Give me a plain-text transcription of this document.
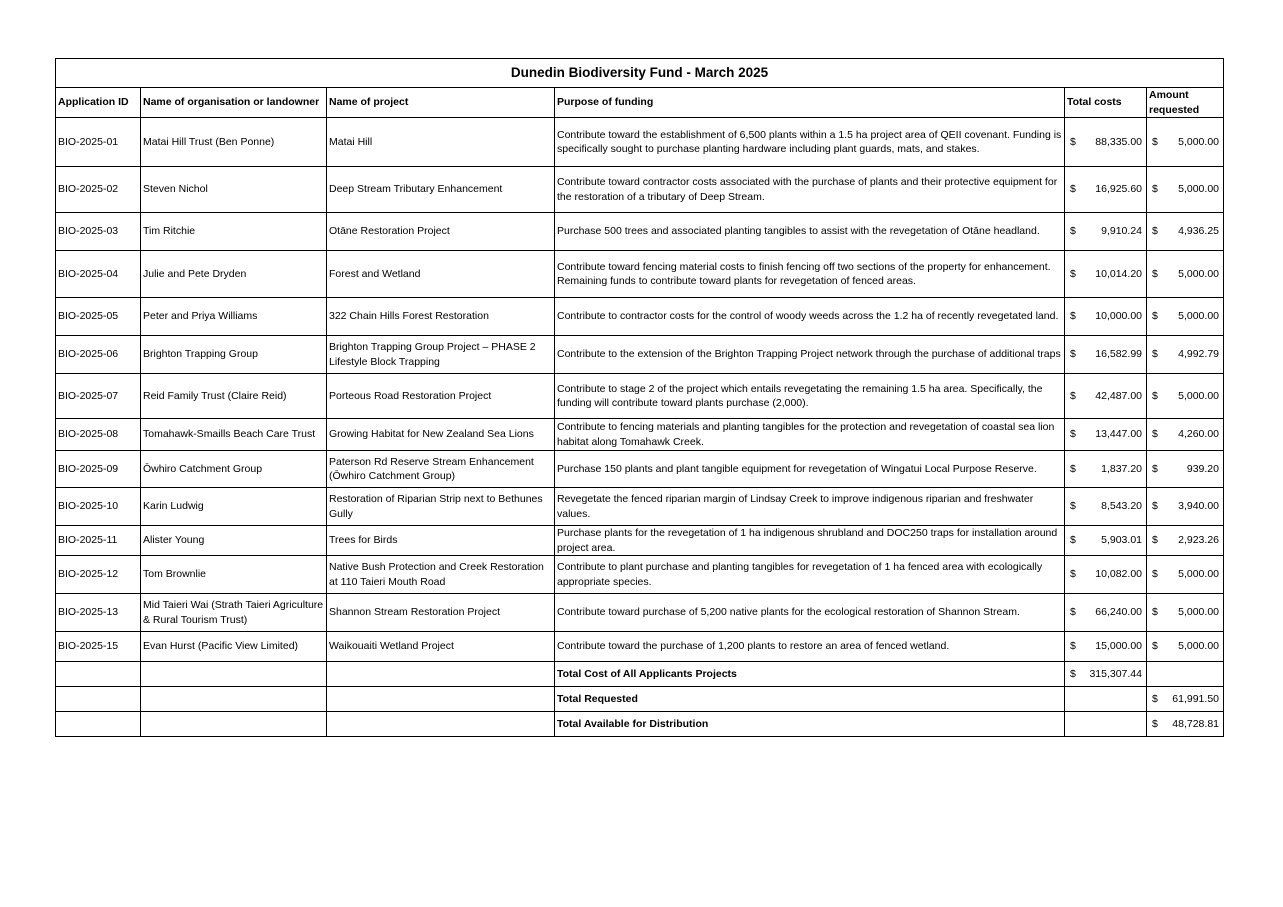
Dunedin Biodiversity Fund - March 2025					
Application ID	Name of organisation or landowner	Name of project	Purpose of funding	Total costs	Amount requested
BIO-2025-01	Matai Hill Trust (Ben Ponne)	Matai Hill	Contribute toward the establishment of 6,500 plants within a 1.5 ha project area of QEII covenant. Funding is specifically sought to purchase planting hardware including plant guards, mats, and stakes.	$ 88,335.00	$ 5,000.00

BIO-2025-02	Steven Nichol	Deep Stream Tributary Enhancement	Contribute toward contractor costs associated with the purchase of plants and their protective equipment for the restoration of a tributary of Deep Stream.	$ 16,925.60	$ 5,000.00

BIO-2025-03	Tim Ritchie	Otāne Restoration Project	Purchase 500 trees and associated planting tangibles to assist with the revegetation of Otāne headland.	$ 9,910.24	$ 4,936.25

BIO-2025-04	Julie and Pete Dryden	Forest and Wetland	Contribute toward fencing material costs to finish fencing off two sections of the property for enhancement. Remaining funds to contribute toward plants for revegetation of fenced areas.	$ 10,014.20	$ 5,000.00

BIO-2025-05	Peter and Priya Williams	322 Chain Hills Forest Restoration	Contribute to contractor costs for the control of woody weeds across the 1.2 ha of recently revegetated land.	$ 10,000.00	$ 5,000.00

BIO-2025-06	Brighton Trapping Group	Brighton Trapping Group Project – PHASE 2 Lifestyle Block Trapping	Contribute to the extension of the Brighton Trapping Project network through the purchase of additional traps	$ 16,582.99	$ 4,992.79

BIO-2025-07	Reid Family Trust (Claire Reid)	Porteous Road Restoration Project	Contribute to stage 2 of the project which entails revegetating the remaining 1.5 ha area. Specifically, the funding will contribute toward plants purchase (2,000).	$ 42,487.00	$ 5,000.00

BIO-2025-08	Tomahawk-Smaills Beach Care Trust	Growing Habitat for New Zealand Sea Lions	Contribute to fencing materials and planting tangibles for the protection and revegetation of coastal sea lion habitat along Tomahawk Creek.	$ 13,447.00	$ 4,260.00

BIO-2025-09	Ōwhiro Catchment Group	Paterson Rd Reserve Stream Enhancement (Ōwhiro Catchment Group)	Purchase 150 plants and plant tangible equipment for revegetation of Wingatui Local Purpose Reserve.	$ 1,837.20	$ 939.20

BIO-2025-10	Karin Ludwig	Restoration of Riparian Strip next to Bethunes Gully	Revegetate the fenced riparian margin of Lindsay Creek to improve indigenous riparian and freshwater values.	$ 8,543.20	$ 3,940.00

BIO-2025-11	Alister Young	Trees for Birds	Purchase plants for the revegetation of 1 ha indigenous shrubland and DOC250 traps for installation around project area.	$ 5,903.01	$ 2,923.26

BIO-2025-12	Tom Brownlie	Native Bush Protection and Creek Restoration at 110 Taieri Mouth Road	Contribute to plant purchase and planting tangibles for revegetation of 1 ha fenced area with ecologically appropriate species.	$ 10,082.00	$ 5,000.00

BIO-2025-13	Mid Taieri Wai (Strath Taieri Agriculture & Rural Tourism Trust)	Shannon Stream Restoration Project	Contribute toward purchase of 5,200 native plants for the ecological restoration of Shannon Stream.	$ 66,240.00	$ 5,000.00

BIO-2025-15	Evan Hurst (Pacific View Limited)	Waikouaiti Wetland Project	Contribute toward the purchase of 1,200 plants to restore an area of fenced wetland.	$ 15,000.00	$ 5,000.00

			Total Cost of All Applicants Projects	$ 315,307.44	

			Total Requested		$ 61,991.50

			Total Available for Distribution		$ 48,728.81
